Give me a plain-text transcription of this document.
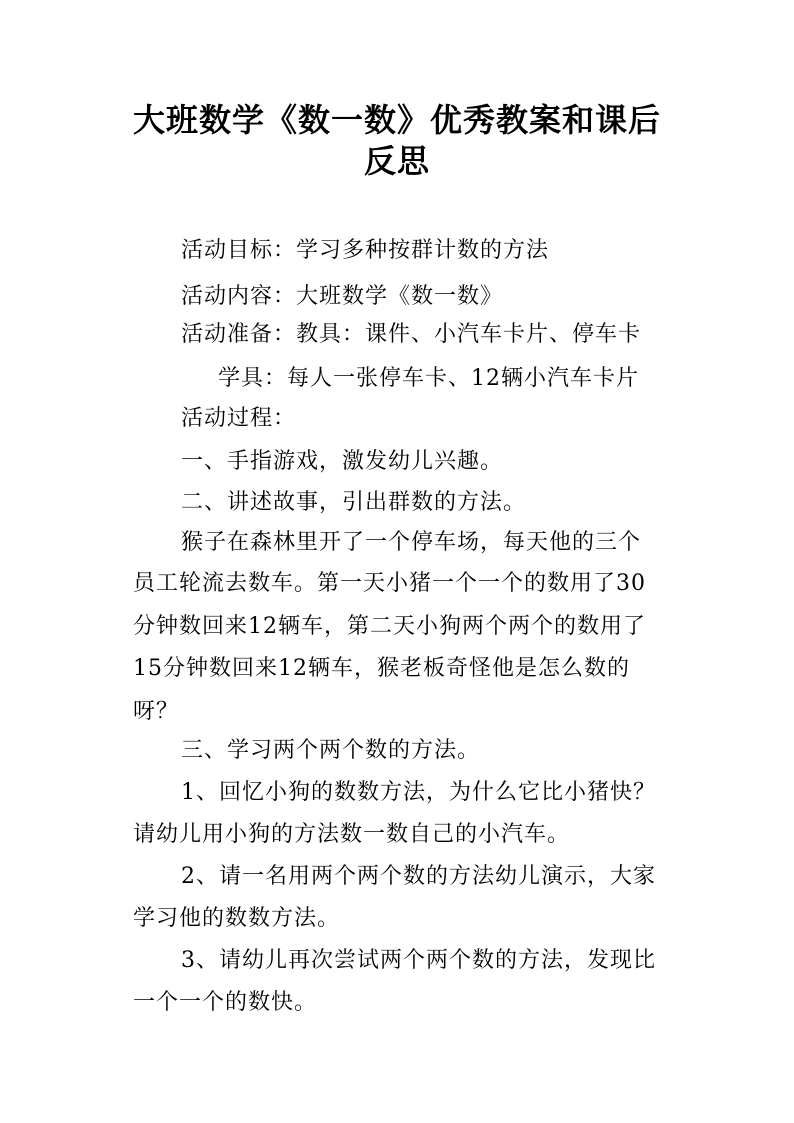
大班数学《数一数》优秀教案和课后
反思
活动目标：学习多种按群计数的方法
活动内容：大班数学《数一数》
活动准备：教具：课件、小汽车卡片、停车卡
学具：每人一张停车卡、12辆小汽车卡片
活动过程：
一、手指游戏，激发幼儿兴趣。
二、讲述故事，引出群数的方法。
猴子在森林里开了一个停车场，每天他的三个
员工轮流去数车。第一天小猪一个一个的数用了30
分钟数回来12辆车，第二天小狗两个两个的数用了
15分钟数回来12辆车，猴老板奇怪他是怎么数的
呀？
三、学习两个两个数的方法。
1、回忆小狗的数数方法，为什么它比小猪快？
请幼儿用小狗的方法数一数自己的小汽车。
2、请一名用两个两个数的方法幼儿演示，大家
学习他的数数方法。
3、请幼儿再次尝试两个两个数的方法，发现比
一个一个的数快。
